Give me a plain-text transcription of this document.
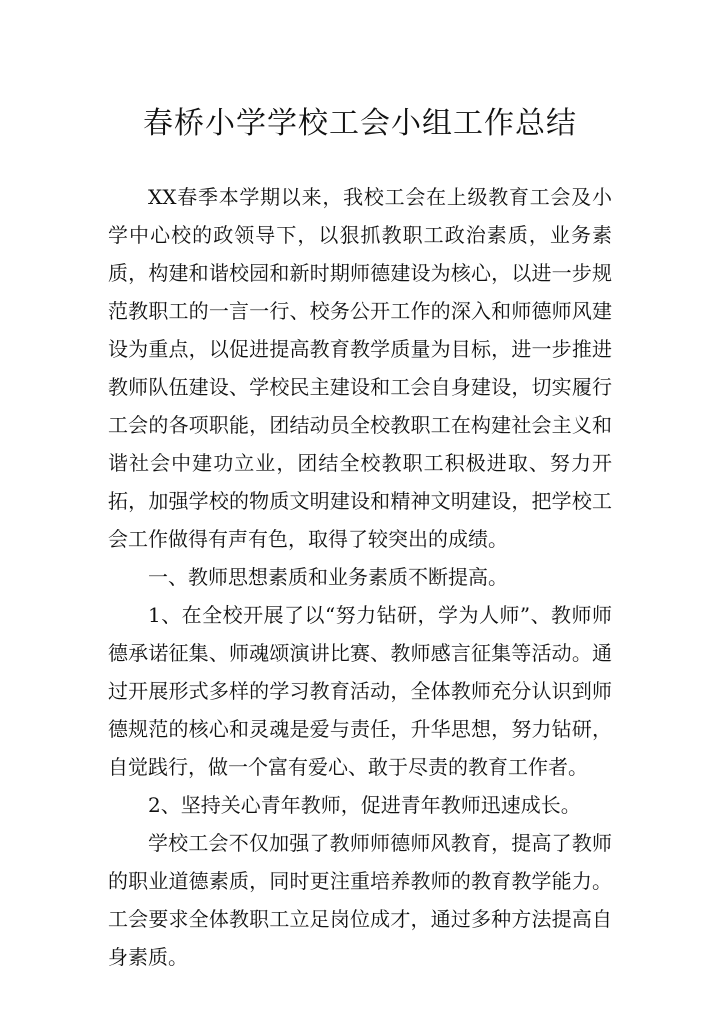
春桥小学学校工会小组工作总结

XX春季本学期以来，我校工会在上级教育工会及小学中心校的政领导下，以狠抓教职工政治素质，业务素质，构建和谐校园和新时期师德建设为核心，以进一步规范教职工的一言一行、校务公开工作的深入和师德师风建设为重点，以促进提高教育教学质量为目标，进一步推进教师队伍建设、学校民主建设和工会自身建设，切实履行工会的各项职能，团结动员全校教职工在构建社会主义和谐社会中建功立业，团结全校教职工积极进取、努力开拓，加强学校的物质文明建设和精神文明建设，把学校工会工作做得有声有色，取得了较突出的成绩。

一、教师思想素质和业务素质不断提高。

1、在全校开展了以“努力钻研，学为人师”、教师师德承诺征集、师魂颂演讲比赛、教师感言征集等活动。通过开展形式多样的学习教育活动，全体教师充分认识到师德规范的核心和灵魂是爱与责任，升华思想，努力钻研，自觉践行，做一个富有爱心、敢于尽责的教育工作者。

2、坚持关心青年教师，促进青年教师迅速成长。

学校工会不仅加强了教师师德师风教育，提高了教师的职业道德素质，同时更注重培养教师的教育教学能力。工会要求全体教职工立足岗位成才，通过多种方法提高自身素质。
